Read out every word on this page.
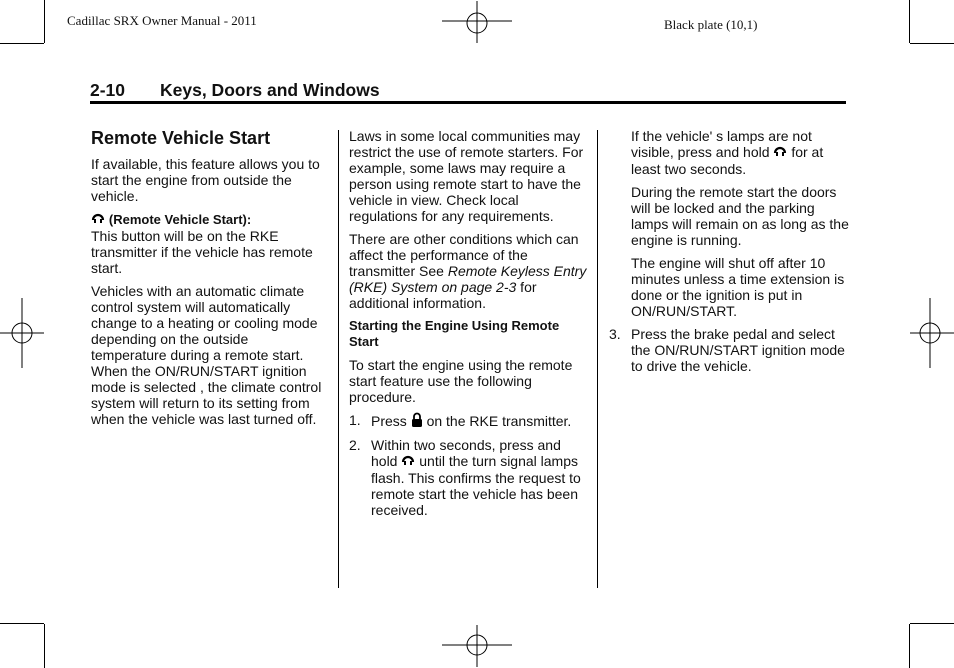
Cadillac SRX Owner Manual - 2011	Black plate (10,1)
2-10 Keys, Doors and Windows
Remote Vehicle Start

If available, this feature allows you to start the engine from outside the vehicle.

(Remote Vehicle Start):
This button will be on the RKE transmitter if the vehicle has remote start.

Vehicles with an automatic climate control system will automatically change to a heating or cooling mode depending on the outside temperature during a remote start. When the ON/RUN/START ignition mode is selected , the climate control system will return to its setting from when the vehicle was last turned off.

Laws in some local communities may restrict the use of remote starters. For example, some laws may require a person using remote start to have the vehicle in view. Check local regulations for any requirements.

There are other conditions which can affect the performance of the transmitter See Remote Keyless Entry (RKE) System on page 2-3 for additional information.

Starting the Engine Using Remote Start

To start the engine using the remote start feature use the following procedure.

1. Press on the RKE transmitter.
2. Within two seconds, press and hold until the turn signal lamps flash. This confirms the request to remote start the vehicle has been received.

If the vehicle' s lamps are not visible, press and hold for at least two seconds.

During the remote start the doors will be locked and the parking lamps will remain on as long as the engine is running.

The engine will shut off after 10 minutes unless a time extension is done or the ignition is put in ON/RUN/START.

3. Press the brake pedal and select the ON/RUN/START ignition mode to drive the vehicle.
